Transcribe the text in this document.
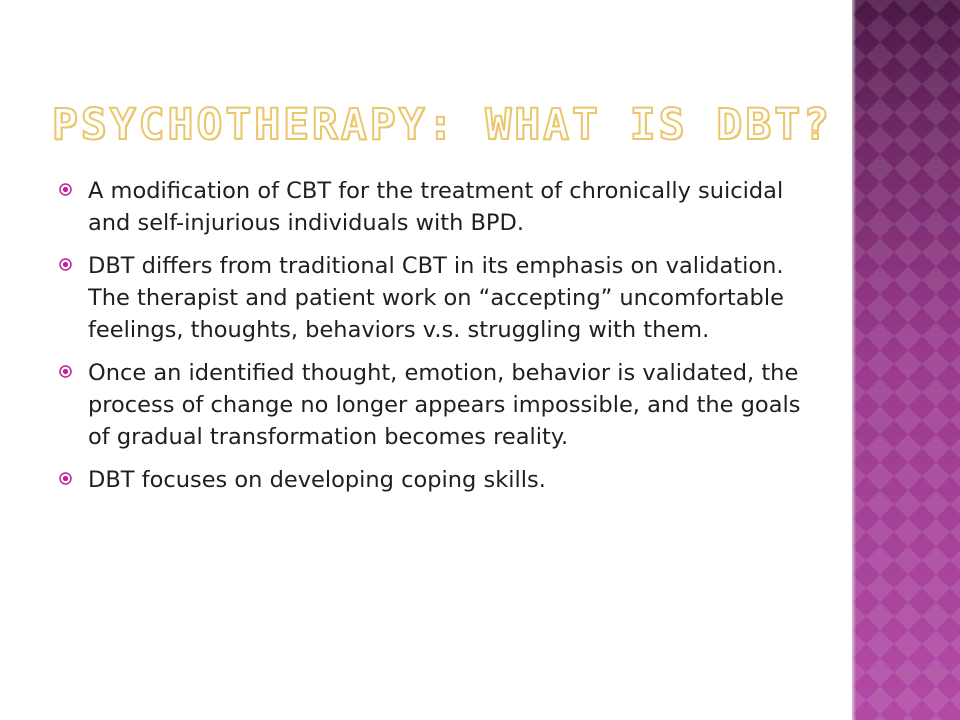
PSYCHOTHERAPY: WHAT IS DBT?
A modification of CBT for the treatment of chronically suicidal and self-injurious individuals with BPD.
DBT differs from traditional CBT in its emphasis on validation. The therapist and patient work on “accepting” uncomfortable feelings, thoughts, behaviors v.s. struggling with them.
Once an identified thought, emotion, behavior is validated, the process of change no longer appears impossible, and the goals of gradual transformation becomes reality.
DBT focuses on developing coping skills.
